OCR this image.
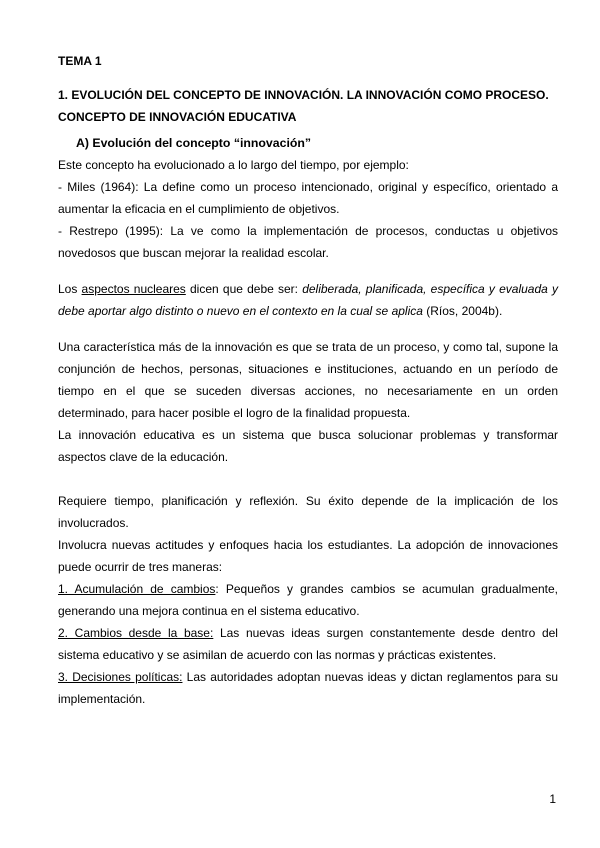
TEMA 1
1. EVOLUCIÓN DEL CONCEPTO DE INNOVACIÓN. LA INNOVACIÓN COMO PROCESO. CONCEPTO DE INNOVACIÓN EDUCATIVA
A) Evolución del concepto “innovación”
Este concepto ha evolucionado a lo largo del tiempo, por ejemplo:
- Miles (1964): La define como un proceso intencionado, original y específico, orientado a aumentar la eficacia en el cumplimiento de objetivos.
- Restrepo (1995): La ve como la implementación de procesos, conductas u objetivos novedosos que buscan mejorar la realidad escolar.
Los aspectos nucleares dicen que debe ser: deliberada, planificada, específica y evaluada y debe aportar algo distinto o nuevo en el contexto en la cual se aplica (Ríos, 2004b).
Una característica más de la innovación es que se trata de un proceso, y como tal, supone la conjunción de hechos, personas, situaciones e instituciones, actuando en un período de tiempo en el que se suceden diversas acciones, no necesariamente en un orden determinado, para hacer posible el logro de la finalidad propuesta.
La innovación educativa es un sistema que busca solucionar problemas y transformar aspectos clave de la educación.
Requiere tiempo, planificación y reflexión. Su éxito depende de la implicación de los involucrados.
Involucra nuevas actitudes y enfoques hacia los estudiantes. La adopción de innovaciones puede ocurrir de tres maneras:
1. Acumulación de cambios: Pequeños y grandes cambios se acumulan gradualmente, generando una mejora continua en el sistema educativo.
2. Cambios desde la base: Las nuevas ideas surgen constantemente desde dentro del sistema educativo y se asimilan de acuerdo con las normas y prácticas existentes.
3. Decisiones políticas: Las autoridades adoptan nuevas ideas y dictan reglamentos para su implementación.
1
